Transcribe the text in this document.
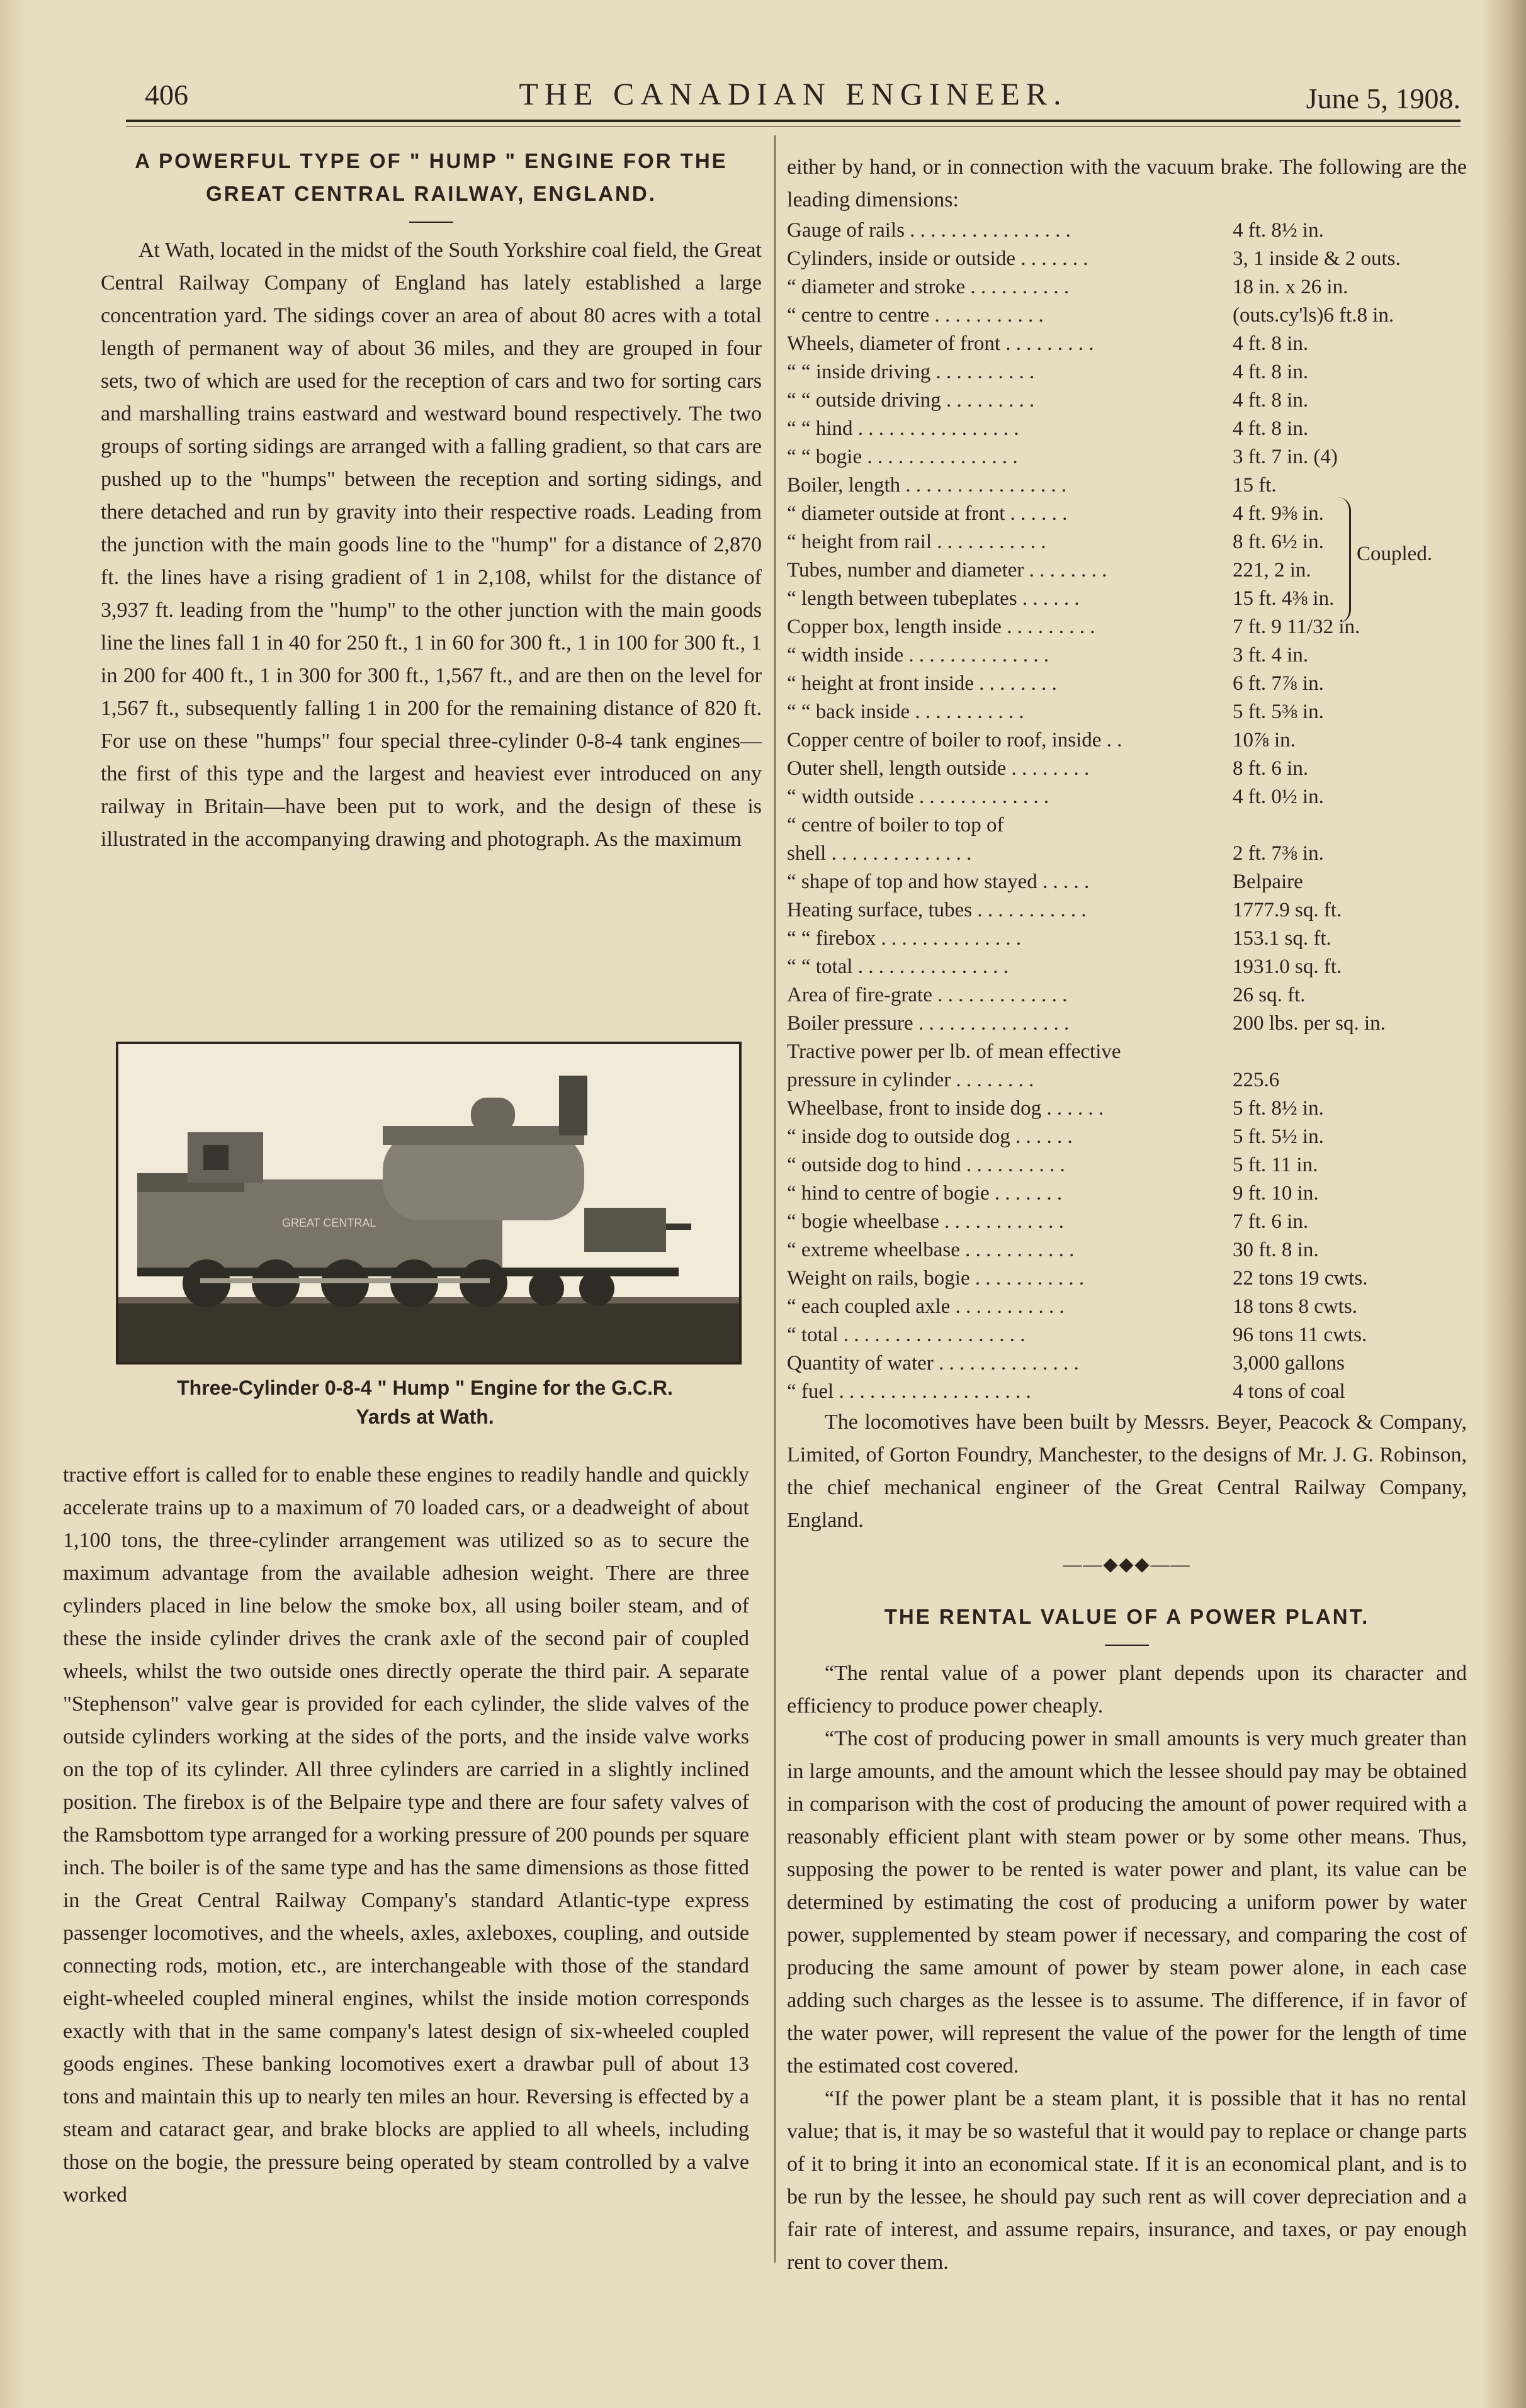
406	THE CANADIAN ENGINEER.	June 5, 1908.
A POWERFUL TYPE OF " HUMP " ENGINE FOR THE
GREAT CENTRAL RAILWAY, ENGLAND.

At Wath, located in the midst of the South Yorkshire coal field, the Great Central Railway Company of England has lately established a large concentration yard. The sidings cover an area of about 80 acres with a total length of permanent way of about 36 miles, and they are grouped in four sets, two of which are used for the reception of cars and two for sorting cars and marshalling trains eastward and westward bound respectively. The two groups of sorting sidings are arranged with a falling gradient, so that cars are pushed up to the "humps" between the reception and sorting sidings, and there detached and run by gravity into their respective roads. Leading from the junction with the main goods line to the "hump" for a distance of 2,870 ft. the lines have a rising gradient of 1 in 2,108, whilst for the distance of 3,937 ft. leading from the "hump" to the other junction with the main goods line the lines fall 1 in 40 for 250 ft., 1 in 60 for 300 ft., 1 in 100 for 300 ft., 1 in 200 for 400 ft., 1 in 300 for 300 ft., 1,567 ft., and are then on the level for 1,567 ft., subsequently falling 1 in 200 for the remaining distance of 820 ft. For use on these "humps" four special three-cylinder 0-8-4 tank engines—the first of this type and the largest and heaviest ever introduced on any railway in Britain—have been put to work, and the design of these is illustrated in the accompanying drawing and photograph. As the maximum

GREAT CENTRAL
Three-Cylinder 0-8-4 " Hump " Engine for the G.C.R.
Yards at Wath.

tractive effort is called for to enable these engines to readily handle and quickly accelerate trains up to a maximum of 70 loaded cars, or a deadweight of about 1,100 tons, the three-cylinder arrangement was utilized so as to secure the maximum advantage from the available adhesion weight. There are three cylinders placed in line below the smoke box, all using boiler steam, and of these the inside cylinder drives the crank axle of the second pair of coupled wheels, whilst the two outside ones directly operate the third pair. A separate "Stephenson" valve gear is provided for each cylinder, the slide valves of the outside cylinders working at the sides of the ports, and the inside valve works on the top of its cylinder. All three cylinders are carried in a slightly inclined position. The firebox is of the Belpaire type and there are four safety valves of the Ramsbottom type arranged for a working pressure of 200 pounds per square inch. The boiler is of the same type and has the same dimensions as those fitted in the Great Central Railway Company's standard Atlantic-type express passenger locomotives, and the wheels, axles, axleboxes, coupling, and outside connecting rods, motion, etc., are interchangeable with those of the standard eight-wheeled coupled mineral engines, whilst the inside motion corresponds exactly with that in the same company's latest design of six-wheeled coupled goods engines. These banking locomotives exert a drawbar pull of about 13 tons and maintain this up to nearly ten miles an hour. Reversing is effected by a steam and cataract gear, and brake blocks are applied to all wheels, including those on the bogie, the pressure being operated by steam controlled by a valve worked

either by hand, or in connection with the vacuum brake. The following are the leading dimensions:

Gauge of rails . . . . . . . . . . . . . . . .	4 ft. 8½ in.
Cylinders, inside or outside . . . . . . .	3, 1 inside & 2 outs.
“ diameter and stroke . . . . . . . . . .	18 in. x 26 in.
“ centre to centre . . . . . . . . . . .	(outs.cy'ls)6 ft.8 in.
Wheels, diameter of front . . . . . . . . .	4 ft. 8 in.
“ “ inside driving . . . . . . . . . .	4 ft. 8 in.
“ “ outside driving . . . . . . . . .	4 ft. 8 in.
“ “ hind . . . . . . . . . . . . . . . .	4 ft. 8 in.
“ “ bogie . . . . . . . . . . . . . . .	3 ft. 7 in. (4)
Boiler, length . . . . . . . . . . . . . . . .	15 ft.
“ diameter outside at front . . . . . .	4 ft. 9⅜ in.
“ height from rail . . . . . . . . . . .	8 ft. 6½ in.
Tubes, number and diameter . . . . . . . .	221, 2 in.
“ length between tubeplates . . . . . .	15 ft. 4⅜ in.
Copper box, length inside . . . . . . . . .	7 ft. 9 11/32 in.
“ width inside . . . . . . . . . . . . . .	3 ft. 4 in.
“ height at front inside . . . . . . . .	6 ft. 7⅞ in.
“ “ back inside . . . . . . . . . . .	5 ft. 5⅜ in.
Copper centre of boiler to roof, inside . .	10⅞ in.
Outer shell, length outside . . . . . . . .	8 ft. 6 in.
“ width outside . . . . . . . . . . . . .	4 ft. 0½ in.
“ centre of boiler to top of	
shell . . . . . . . . . . . . . .	2 ft. 7⅜ in.
“ shape of top and how stayed . . . . .	Belpaire
Heating surface, tubes . . . . . . . . . . .	1777.9 sq. ft.
“ “ firebox . . . . . . . . . . . . . .	153.1 sq. ft.
“ “ total . . . . . . . . . . . . . . .	1931.0 sq. ft.
Area of fire-grate . . . . . . . . . . . . .	26 sq. ft.
Boiler pressure . . . . . . . . . . . . . . .	200 lbs. per sq. in.
Tractive power per lb. of mean effective	
pressure in cylinder . . . . . . . .	225.6
Wheelbase, front to inside dog . . . . . .	5 ft. 8½ in.
“ inside dog to outside dog . . . . . .	5 ft. 5½ in.
“ outside dog to hind . . . . . . . . . .	5 ft. 11 in.
“ hind to centre of bogie . . . . . . .	9 ft. 10 in.
“ bogie wheelbase . . . . . . . . . . . .	7 ft. 6 in.
“ extreme wheelbase . . . . . . . . . . .	30 ft. 8 in.
Weight on rails, bogie . . . . . . . . . . .	22 tons 19 cwts.
“ each coupled axle . . . . . . . . . . .	18 tons 8 cwts.
“ total . . . . . . . . . . . . . . . . . .	96 tons 11 cwts.
Quantity of water . . . . . . . . . . . . . .	3,000 gallons
“ fuel . . . . . . . . . . . . . . . . . . .	4 tons of coal
Coupled.

The locomotives have been built by Messrs. Beyer, Peacock & Company, Limited, of Gorton Foundry, Manchester, to the designs of Mr. J. G. Robinson, the chief mechanical engineer of the Great Central Railway Company, England.

——◆◆◆——
THE RENTAL VALUE OF A POWER PLANT.

“The rental value of a power plant depends upon its character and efficiency to produce power cheaply.

“The cost of producing power in small amounts is very much greater than in large amounts, and the amount which the lessee should pay may be obtained in comparison with the cost of producing the amount of power required with a reasonably efficient plant with steam power or by some other means. Thus, supposing the power to be rented is water power and plant, its value can be determined by estimating the cost of producing a uniform power by water power, supplemented by steam power if necessary, and comparing the cost of producing the same amount of power by steam power alone, in each case adding such charges as the lessee is to assume. The difference, if in favor of the water power, will represent the value of the power for the length of time the estimated cost covered.

“If the power plant be a steam plant, it is possible that it has no rental value; that is, it may be so wasteful that it would pay to replace or change parts of it to bring it into an economical state. If it is an economical plant, and is to be run by the lessee, he should pay such rent as will cover depreciation and a fair rate of interest, and assume repairs, insurance, and taxes, or pay enough rent to cover them.
